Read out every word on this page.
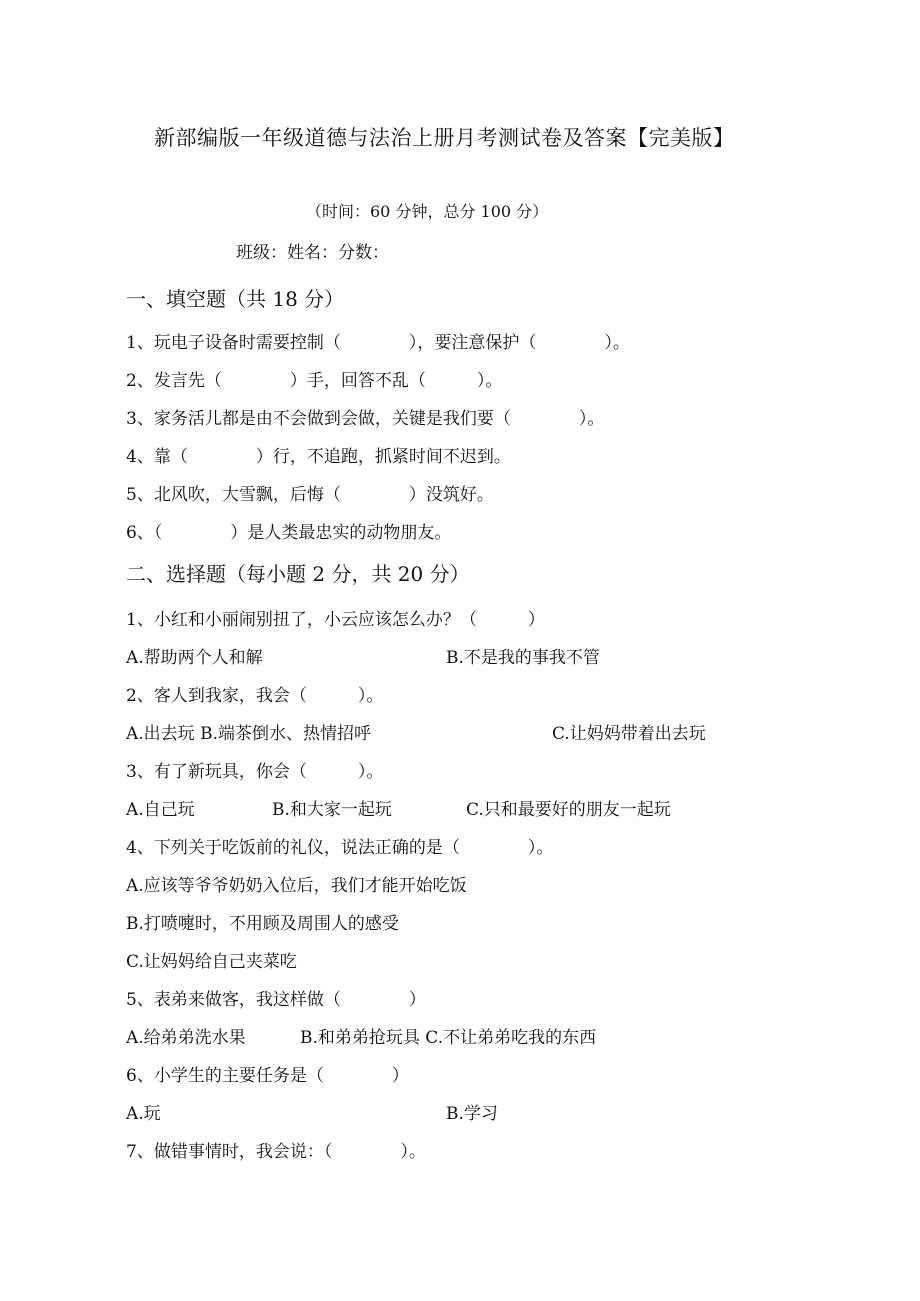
新部编版一年级道德与法治上册月考测试卷及答案【完美版】
（时间：60 分钟，总分 100 分）
班级：姓名：分数：
一、填空题（共 18 分）
1、玩电子设备时需要控制（　　　　），要注意保护（　　　　）。
2、发言先（　　　　）手，回答不乱（　　　）。
3、家务活儿都是由不会做到会做，关键是我们要（　　　　）。
4、靠（　　　　）行，不追跑，抓紧时间不迟到。
5、北风吹，大雪飘，后悔（　　　　）没筑好。
6、（　　　　）是人类最忠实的动物朋友。
二、选择题（每小题 2 分，共 20 分）
1、小红和小丽闹别扭了，小云应该怎么办？（　　　）
A.帮助两个人和解	B.不是我的事我不管
2、客人到我家，我会（　　　）。
A.出去玩 B.端茶倒水、热情招呼	C.让妈妈带着出去玩
3、有了新玩具，你会（　　　）。
A.自己玩	B.和大家一起玩	C.只和最要好的朋友一起玩
4、下列关于吃饭前的礼仪，说法正确的是（　　　　）。
A.应该等爷爷奶奶入位后，我们才能开始吃饭
B.打喷嚏时，不用顾及周围人的感受
C.让妈妈给自己夹菜吃
5、表弟来做客，我这样做（　　　　）
A.给弟弟洗水果	B.和弟弟抢玩具 C.不让弟弟吃我的东西
6、小学生的主要任务是（　　　　）
A.玩	B.学习
7、做错事情时，我会说：（　　　　）。
